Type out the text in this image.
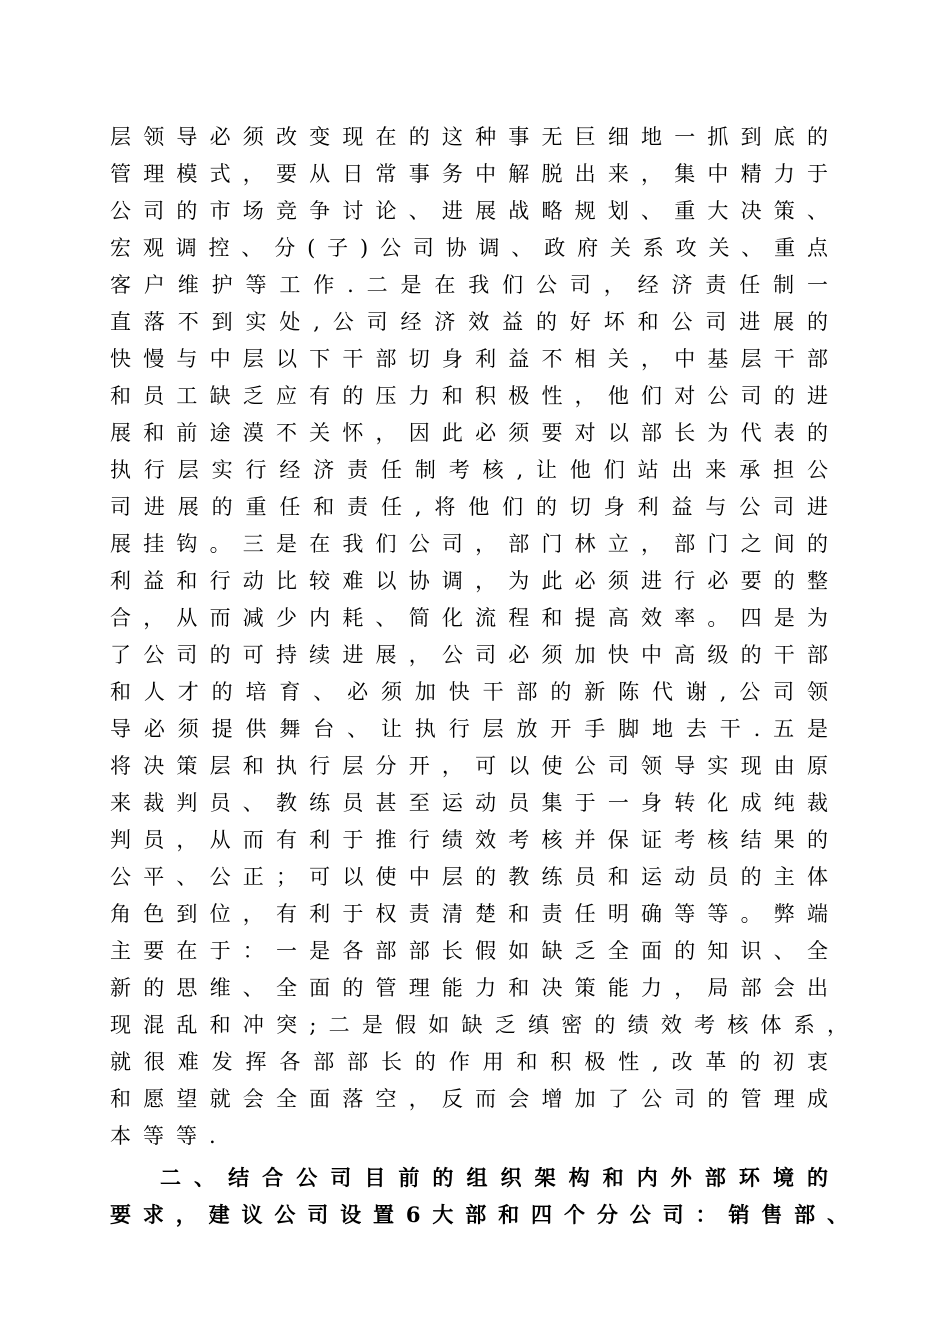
层领导必须改变现在的这种事无巨细地一抓到底的
管理模式，要从日常事务中解脱出来，集中精力于
公司的市场竞争讨论、进展战略规划、重大决策、
宏观调控、分(子)公司协调、政府关系攻关、重点
客户维护等工作.二是在我们公司，经济责任制一
直落不到实处,公司经济效益的好坏和公司进展的
快慢与中层以下干部切身利益不相关，中基层干部
和员工缺乏应有的压力和积极性，他们对公司的进
展和前途漠不关怀，因此必须要对以部长为代表的
执行层实行经济责任制考核,让他们站出来承担公
司进展的重任和责任,将他们的切身利益与公司进
展挂钩。三是在我们公司，部门林立，部门之间的
利益和行动比较难以协调，为此必须进行必要的整
合，从而减少内耗、简化流程和提高效率。四是为
了公司的可持续进展，公司必须加快中高级的干部
和人才的培育、必须加快干部的新陈代谢,公司领
导必须提供舞台、让执行层放开手脚地去干.五是
将决策层和执行层分开，可以使公司领导实现由原
来裁判员、教练员甚至运动员集于一身转化成纯裁
判员，从而有利于推行绩效考核并保证考核结果的
公平、公正；可以使中层的教练员和运动员的主体
角色到位，有利于权责清楚和责任明确等等。弊端
主要在于：一是各部部长假如缺乏全面的知识、全
新的思维、全面的管理能力和决策能力，局部会出
现混乱和冲突;二是假如缺乏缜密的绩效考核体系，
就很难发挥各部部长的作用和积极性,改革的初衷
和愿望就会全面落空，反而会增加了公司的管理成
本等等.
二、结合公司目前的组织架构和内外部环境的
要求，建议公司设置6大部和四个分公司：销售部、
